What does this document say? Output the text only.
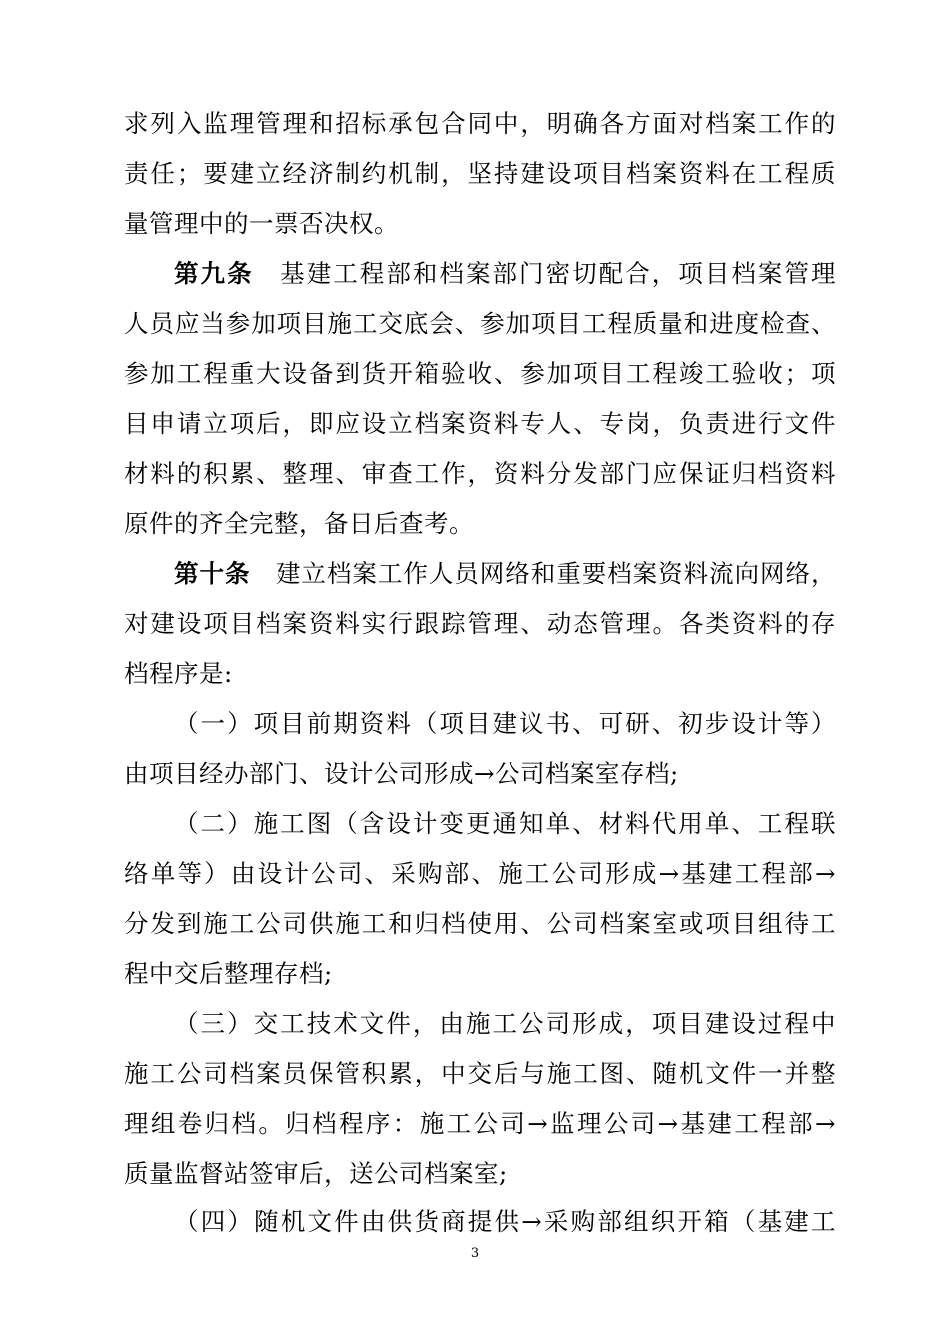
求列入监理管理和招标承包合同中，明确各方面对档案工作的
责任；要建立经济制约机制，坚持建设项目档案资料在工程质
量管理中的一票否决权。
第九条　 基建工程部和档案部门密切配合，项目档案管理
人员应当参加项目施工交底会、参加项目工程质量和进度检查、
参加工程重大设备到货开箱验收、参加项目工程竣工验收；项
目申请立项后，即应设立档案资料专人、专岗，负责进行文件
材料的积累、整理、审查工作，资料分发部门应保证归档资料
原件的齐全完整，备日后查考。
第十条　 建立档案工作人员网络和重要档案资料流向网络，
对建设项目档案资料实行跟踪管理、动态管理。各类资料的存
档程序是:
（一）项目前期资料（项目建议书、可研、初步设计等）
由项目经办部门、设计公司形成→公司档案室存档;
（二）施工图（含设计变更通知单、材料代用单、工程联
络单等）由设计公司、采购部、施工公司形成→基建工程部→
分发到施工公司供施工和归档使用、公司档案室或项目组待工
程中交后整理存档;
（三）交工技术文件，由施工公司形成，项目建设过程中
施工公司档案员保管积累，中交后与施工图、随机文件一并整
理组卷归档。归档程序：施工公司→监理公司→基建工程部→
质量监督站签审后，送公司档案室;
（四）随机文件由供货商提供→采购部组织开箱（基建工
3
